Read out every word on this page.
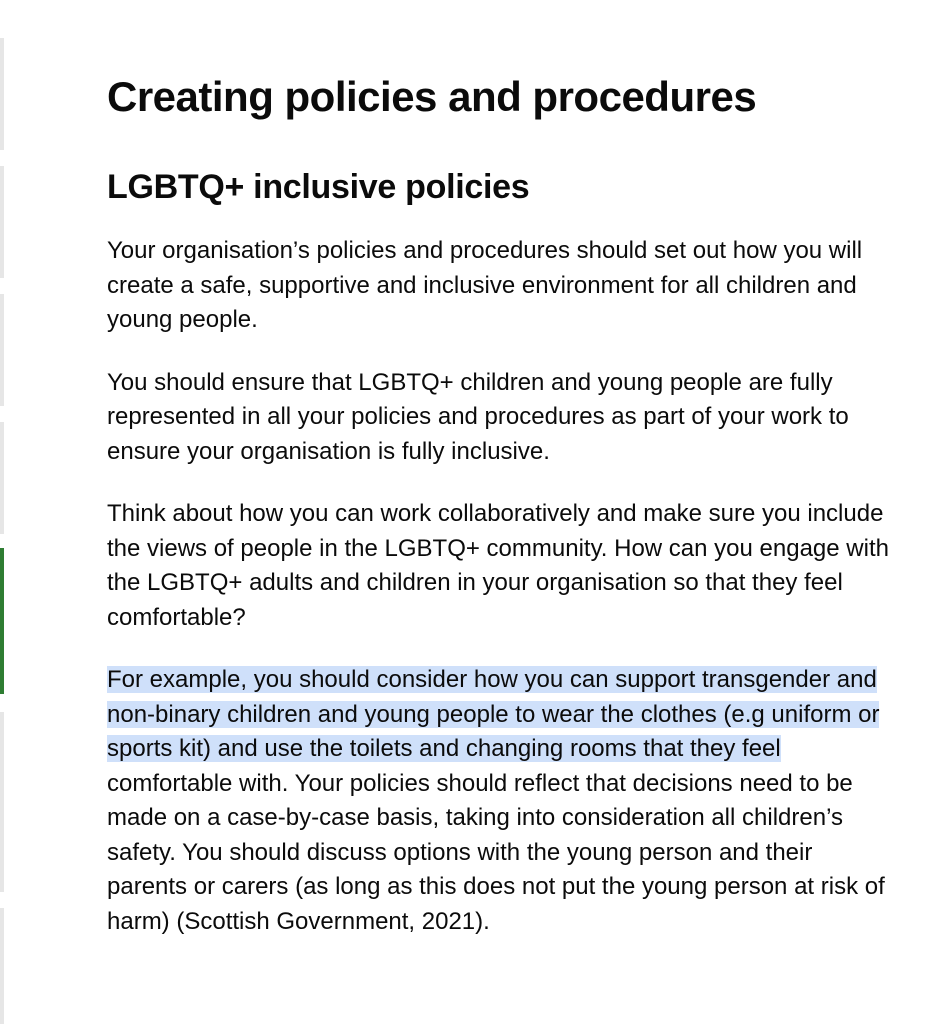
Creating policies and procedures
LGBTQ+ inclusive policies

Your organisation’s policies and procedures should set out how you will create a safe, supportive and inclusive environment for all children and young people.

You should ensure that LGBTQ+ children and young people are fully represented in all your policies and procedures as part of your work to ensure your organisation is fully inclusive.

Think about how you can work collaboratively and make sure you include the views of people in the LGBTQ+ community. How can you engage with the LGBTQ+ adults and children in your organisation so that they feel comfortable?

For example, you should consider how you can support transgender and non-binary children and young people to wear the clothes (e.g uniform or sports kit) and use the toilets and changing rooms that they feel comfortable with. Your policies should reflect that decisions need to be made on a case-by-case basis, taking into consideration all children’s safety. You should discuss options with the young person and their parents or carers (as long as this does not put the young person at risk of harm) (Scottish Government, 2021).
